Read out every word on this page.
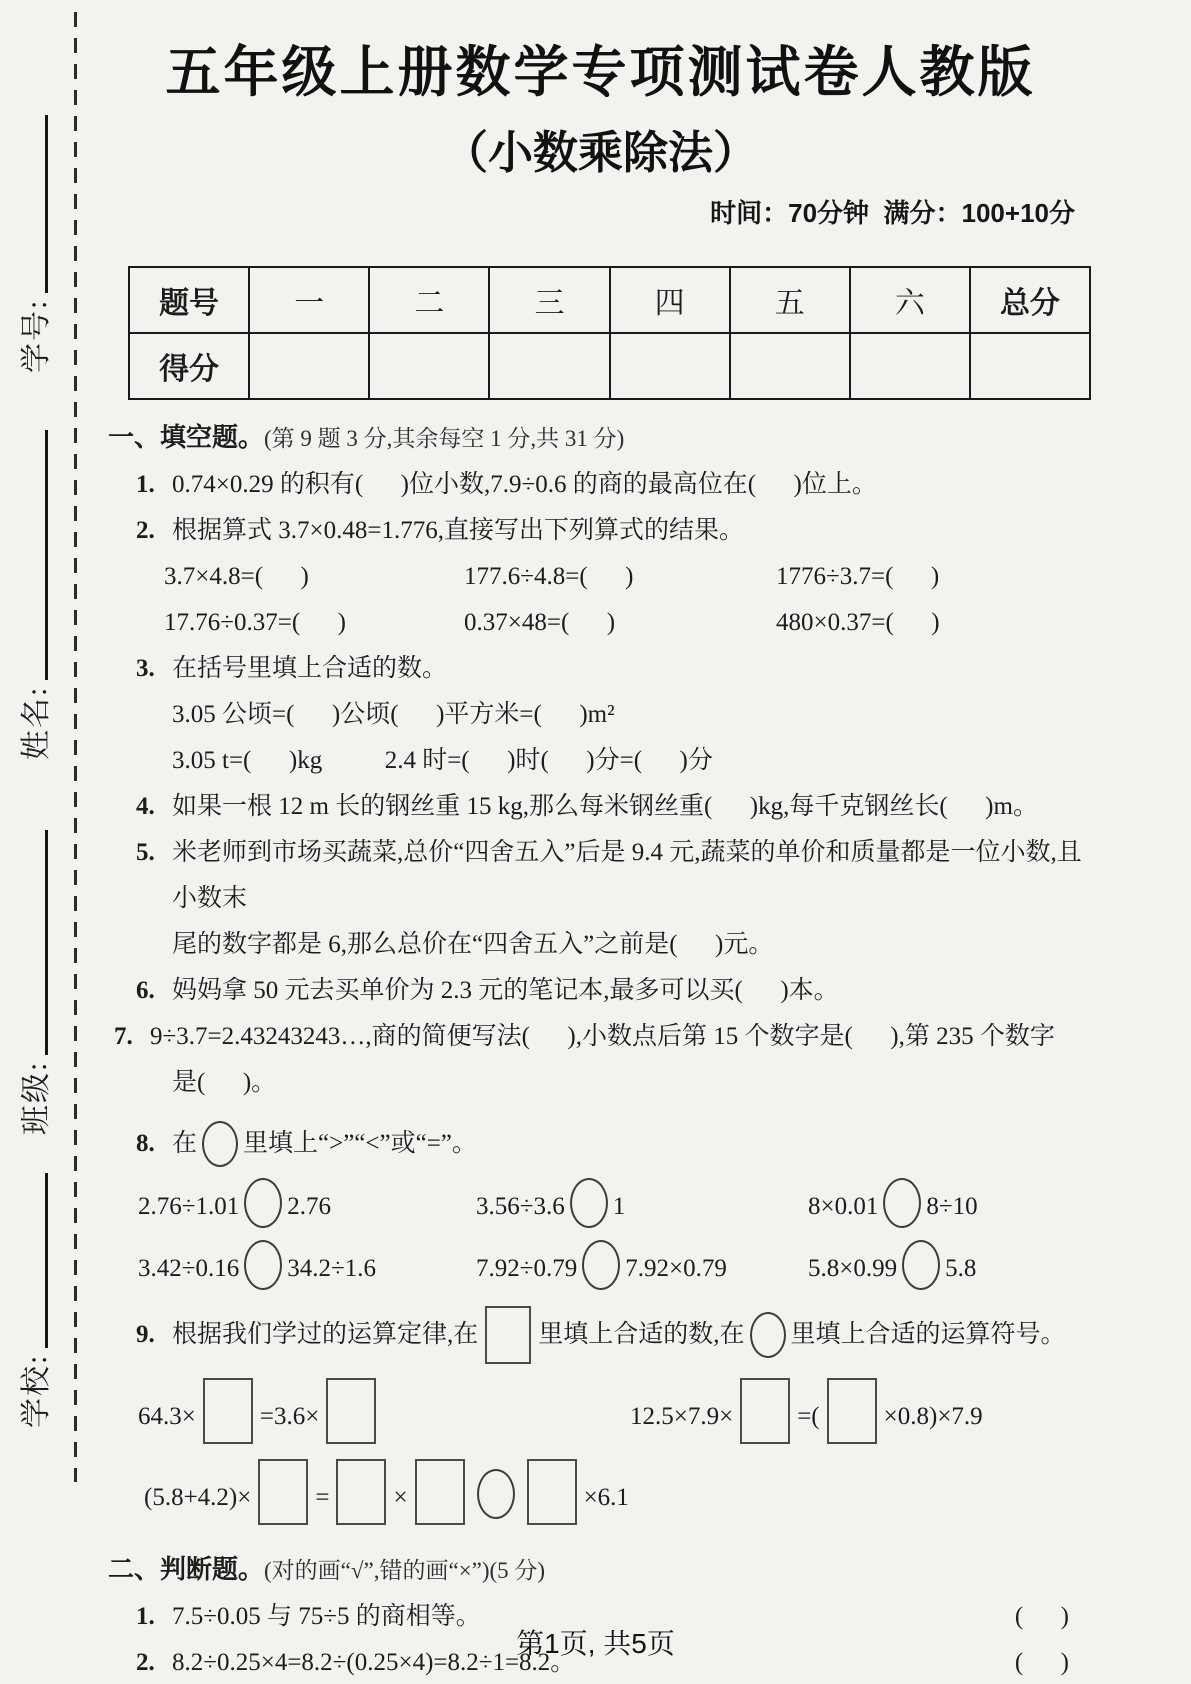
学号:
姓名:
班级:
学校:
五年级上册数学专项测试卷人教版
（小数乘除法）
时间：70分钟  满分：100+10分
题号	一	二	三	四	五	六	总分
得分							
一、填空题。(第 9 题 3 分,其余每空 1 分,共 31 分)
1. 0.74×0.29 的积有(      )位小数,7.9÷0.6 的商的最高位在(      )位上。
2. 根据算式 3.7×0.48=1.776,直接写出下列算式的结果。
3.7×4.8=(      )	177.6÷4.8=(      )	1776÷3.7=(      )
17.76÷0.37=(      )	0.37×48=(      )	480×0.37=(      )
3. 在括号里填上合适的数。
3.05 公顷=(      )公顷(      )平方米=(      )m²
3.05 t=(      )kg          2.4 时=(      )时(      )分=(      )分
4. 如果一根 12 m 长的钢丝重 15 kg,那么每米钢丝重(      )kg,每千克钢丝长(      )m。
5. 米老师到市场买蔬菜,总价“四舍五入”后是 9.4 元,蔬菜的单价和质量都是一位小数,且小数末
尾的数字都是 6,那么总价在“四舍五入”之前是(      )元。
6. 妈妈拿 50 元去买单价为 2.3 元的笔记本,最多可以买(      )本。
7. 9÷3.7=2.43243243…,商的简便写法(      ),小数点后第 15 个数字是(      ),第 235 个数字
是(      )。
8. 在 里填上“>”“<”或“=”。
2.76÷1.01 2.76	3.56÷3.6 1	8×0.01 8÷10
3.42÷0.16 34.2÷1.6	7.92÷0.79 7.92×0.79	5.8×0.99 5.8
9. 根据我们学过的运算定律,在 里填上合适的数,在 里填上合适的运算符号。
64.3×	=3.6×	12.5×7.9×	=(	×0.8)×7.9
(5.8+4.2)×	=	×	×6.1
二、判断题。(对的画“√”,错的画“×”)(5 分)
1. 7.5÷0.05 与 75÷5 的商相等。	(      )
2. 8.2÷0.25×4=8.2÷(0.25×4)=8.2÷1=8.2。	(      )
第1页, 共5页
